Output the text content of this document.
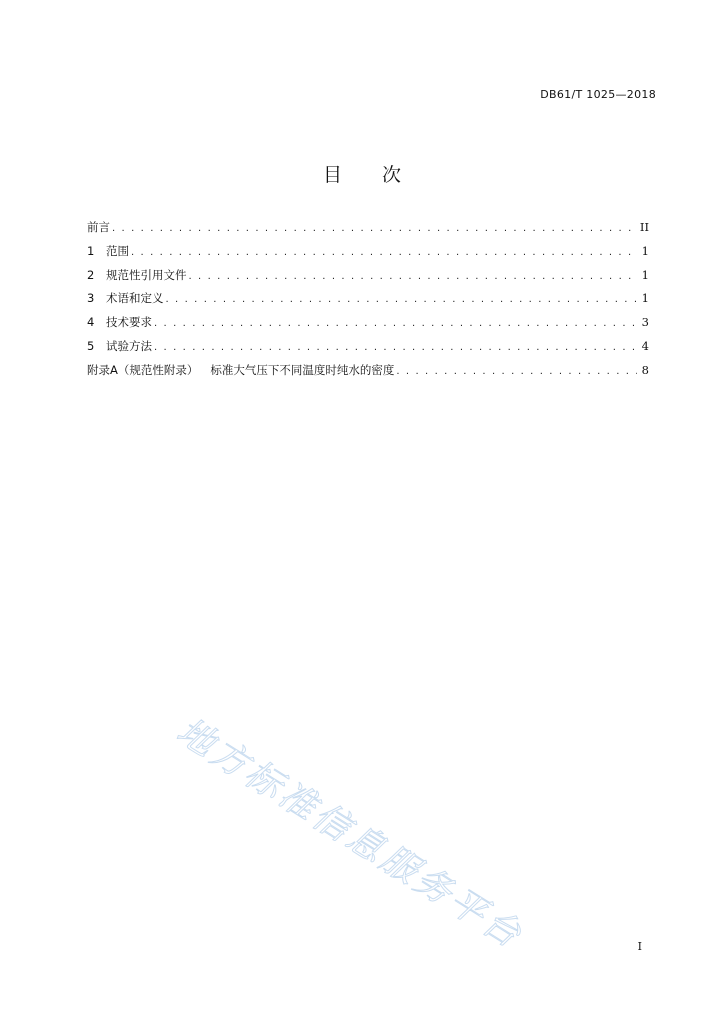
DB61/T 1025—2018
目 次
前言 . . .	II
1	范围 . . .	1
2	规范性引用文件 . . .	1
3	术语和定义 . . .	1
4	技术要求 . . .	3
5	试验方法 . . .	4
附录A（规范性附录） 标准大气压下不同温度时纯水的密度 . . .	8
地方标准信息服务平台	I
